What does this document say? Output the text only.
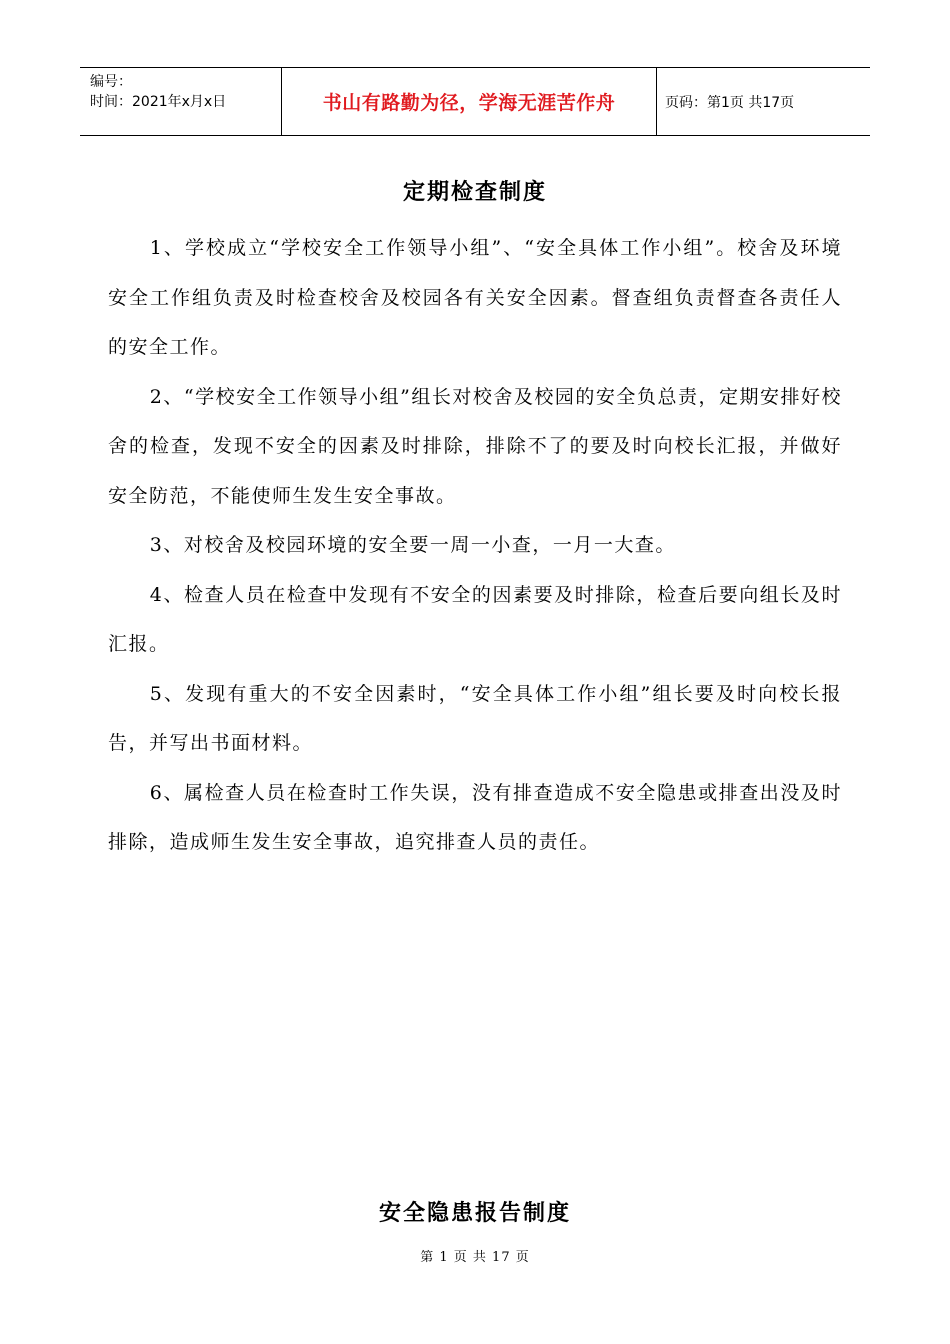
编号：
时间：2021年x月x日	书山有路勤为径，学海无涯苦作舟	页码：第1页 共17页
定期检查制度

1、学校成立“学校安全工作领导小组”、“安全具体工作小组”。校舍及环境安全工作组负责及时检查校舍及校园各有关安全因素。督查组负责督查各责任人的安全工作。

2、“学校安全工作领导小组”组长对校舍及校园的安全负总责，定期安排好校舍的检查，发现不安全的因素及时排除，排除不了的要及时向校长汇报，并做好安全防范，不能使师生发生安全事故。

3、对校舍及校园环境的安全要一周一小查，一月一大查。

4、检查人员在检查中发现有不安全的因素要及时排除，检查后要向组长及时汇报。

5、发现有重大的不安全因素时，“安全具体工作小组”组长要及时向校长报告，并写出书面材料。

6、属检查人员在检查时工作失误，没有排查造成不安全隐患或排查出没及时排除，造成师生发生安全事故，追究排查人员的责任。

安全隐患报告制度
第 1 页 共 17 页
